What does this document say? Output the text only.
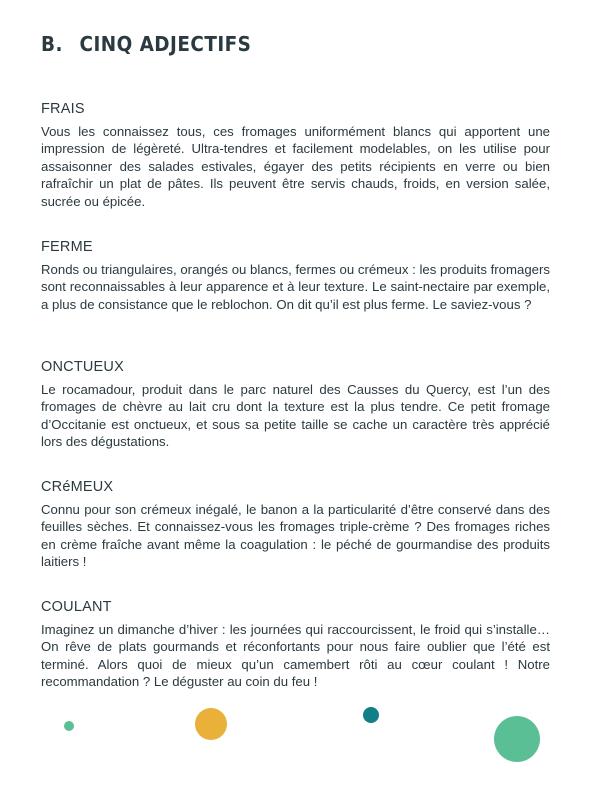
B. CINQ ADJECTIFS
FRAIS

Vous les connaissez tous, ces fromages uniformément blancs qui apportent une impression de légèreté. Ultra-tendres et facilement modelables, on les utilise pour assaisonner des salades estivales, égayer des petits récipients en verre ou bien rafraîchir un plat de pâtes. Ils peuvent être servis chauds, froids, en version salée, sucrée ou épicée.

FERME

Ronds ou triangulaires, orangés ou blancs, fermes ou crémeux : les produits fromagers sont reconnaissables à leur apparence et à leur texture. Le saint-nectaire par exemple, a plus de consistance que le reblochon. On dit qu’il est plus ferme. Le saviez-vous ?

ONCTUEUX

Le rocamadour, produit dans le parc naturel des Causses du Quercy, est l’un des fromages de chèvre au lait cru dont la texture est la plus tendre. Ce petit fromage d’Occitanie est onctueux, et sous sa petite taille se cache un caractère très apprécié lors des dégustations.

CRéMEUX

Connu pour son crémeux inégalé, le banon a la particularité d’être conservé dans des feuilles sèches. Et connaissez-vous les fromages triple-crème ? Des fromages riches en crème fraîche avant même la coagulation : le péché de gourmandise des produits laitiers !

COULANT

Imaginez un dimanche d’hiver : les journées qui raccourcissent, le froid qui s’installe… On rêve de plats gourmands et réconfortants pour nous faire oublier que l’été est terminé. Alors quoi de mieux qu’un camembert rôti au cœur coulant ! Notre recommandation ? Le déguster au coin du feu !
